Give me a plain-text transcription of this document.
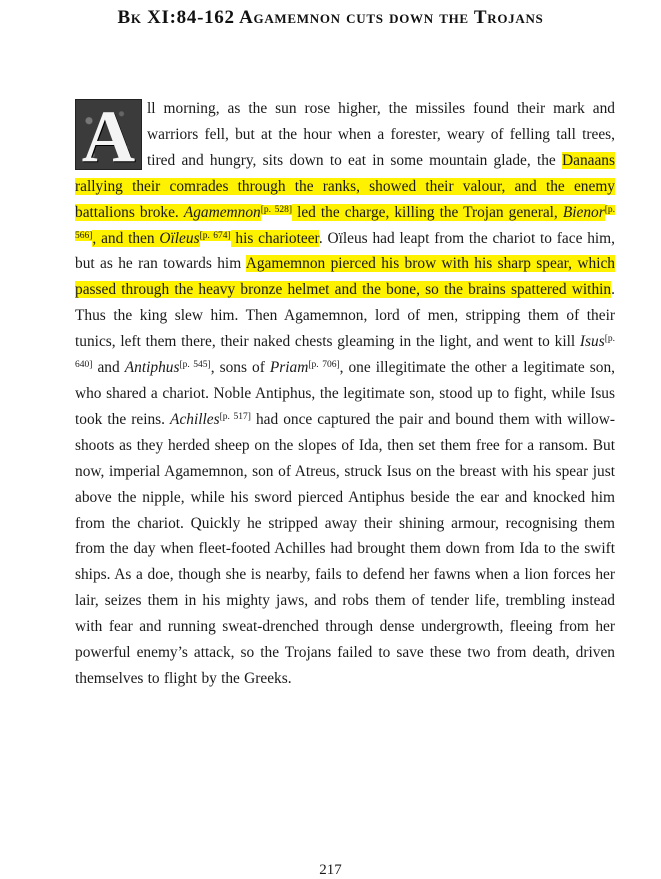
Bk XI:84-162 Agamemnon cuts down the Trojans
A ll morning, as the sun rose higher, the missiles found their mark and warriors fell, but at the hour when a forester, weary of felling tall trees, tired and hungry, sits down to eat in some mountain glade, the Danaans rallying their comrades through the ranks, showed their valour, and the enemy battalions broke. Agamemnon[p. 528] led the charge, killing the Trojan general, Bienor[p. 566], and then Oïleus[p. 674] his charioteer. Oïleus had leapt from the chariot to face him, but as he ran towards him Agamemnon pierced his brow with his sharp spear, which passed through the heavy bronze helmet and the bone, so the brains spattered within. Thus the king slew him. Then Agamemnon, lord of men, stripping them of their tunics, left them there, their naked chests gleaming in the light, and went to kill Isus[p. 640] and Antiphus[p. 545], sons of Priam[p. 706], one illegitimate the other a legitimate son, who shared a chariot. Noble Antiphus, the legitimate son, stood up to fight, while Isus took the reins. Achilles[p. 517] had once captured the pair and bound them with willow-shoots as they herded sheep on the slopes of Ida, then set them free for a ransom. But now, imperial Agamemnon, son of Atreus, struck Isus on the breast with his spear just above the nipple, while his sword pierced Antiphus beside the ear and knocked him from the chariot. Quickly he stripped away their shining armour, recognising them from the day when fleet-footed Achilles had brought them down from Ida to the swift ships. As a doe, though she is nearby, fails to defend her fawns when a lion forces her lair, seizes them in his mighty jaws, and robs them of tender life, trembling instead with fear and running sweat-drenched through dense undergrowth, fleeing from her powerful enemy’s attack, so the Trojans failed to save these two from death, driven themselves to flight by the Greeks.

217
